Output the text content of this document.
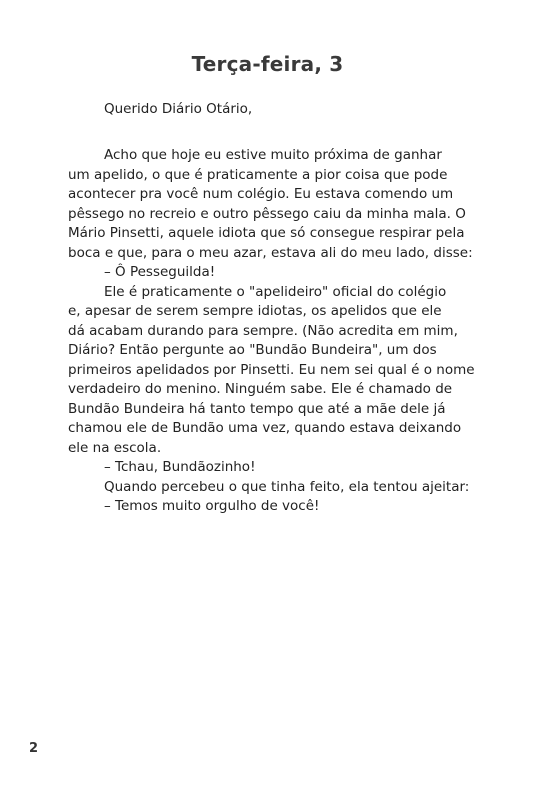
Terça-feira, 3

Querido Diário Otário,

Acho que hoje eu estive muito próxima de ganhar
um apelido, o que é praticamente a pior coisa que pode
acontecer pra você num colégio. Eu estava comendo um
pêssego no recreio e outro pêssego caiu da minha mala. O
Mário Pinsetti, aquele idiota que só consegue respirar pela
boca e que, para o meu azar, estava ali do meu lado, disse:
– Ô Pesseguilda!
Ele é praticamente o "apelideiro" oficial do colégio
e, apesar de serem sempre idiotas, os apelidos que ele
dá acabam durando para sempre. (Não acredita em mim,
Diário? Então pergunte ao "Bundão Bundeira", um dos
primeiros apelidados por Pinsetti. Eu nem sei qual é o nome
verdadeiro do menino. Ninguém sabe. Ele é chamado de
Bundão Bundeira há tanto tempo que até a mãe dele já
chamou ele de Bundão uma vez, quando estava deixando
ele na escola.
– Tchau, Bundãozinho!
Quando percebeu o que tinha feito, ela tentou ajeitar:
– Temos muito orgulho de você!
2
